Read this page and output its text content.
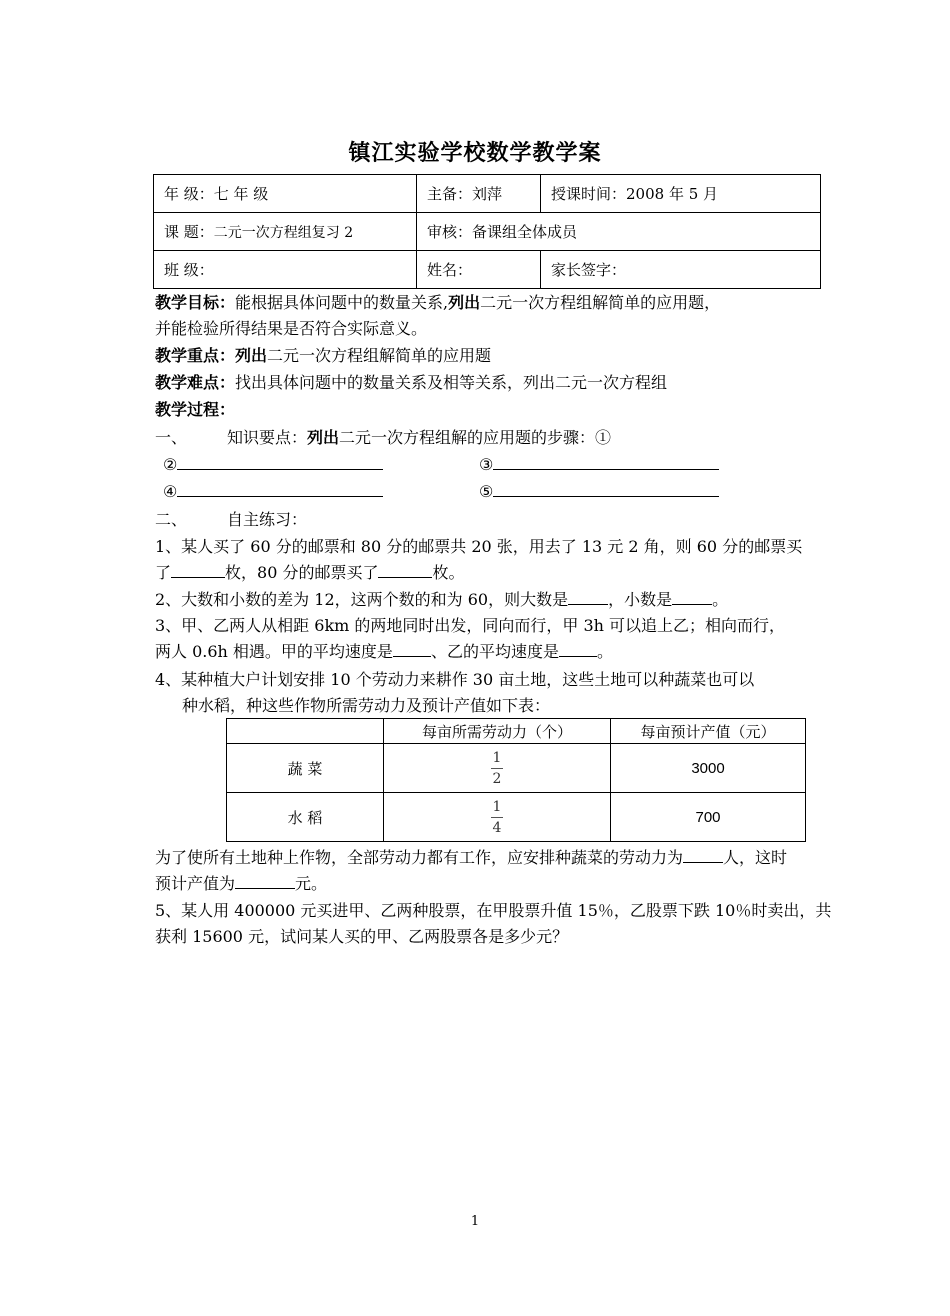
镇江实验学校数学教学案
年 级：七 年 级	主备：刘萍	授课时间：2008 年 5 月
课 题：二元一次方程组复习 2	审核：备课组全体成员	
班 级：	姓名：	家长签字：
教学目标：能根据具体问题中的数量关系,列出二元一次方程组解简单的应用题，
并能检验所得结果是否符合实际意义。
教学重点：列出二元一次方程组解简单的应用题
教学难点：找出具体问题中的数量关系及相等关系，列出二元一次方程组
教学过程：
一、	知识要点：列出二元一次方程组解的应用题的步骤：①
②	③
④	⑤
二、	自主练习：
1、某人买了 60 分的邮票和 80 分的邮票共 20 张，用去了 13 元 2 角，则 60 分的邮票买
了	枚，80 分的邮票买了	枚。
2、大数和小数的差为 12，这两个数的和为 60，则大数是	，小数是	。
3、甲、乙两人从相距 6km 的两地同时出发，同向而行，甲 3h 可以追上乙；相向而行，
两人 0.6h 相遇。甲的平均速度是 、乙的平均速度是 。
4、某种植大户计划安排 10 个劳动力来耕作 30 亩土地，这些土地可以种蔬菜也可以
种水稻，种这些作物所需劳动力及预计产值如下表：
	每亩所需劳动力（个）	每亩预计产值（元）
蔬 菜	$\frac{1}{2}$	3000
水 稻	$\frac{1}{4}$	700
为了使所有土地种上作物，全部劳动力都有工作，应安排种蔬菜的劳动力为	人，这时
预计产值为	元。
5、某人用 400000 元买进甲、乙两种股票，在甲股票升值 15％，乙股票下跌 10％时卖出，共
获利 15600 元，试问某人买的甲、乙两股票各是多少元？
1
